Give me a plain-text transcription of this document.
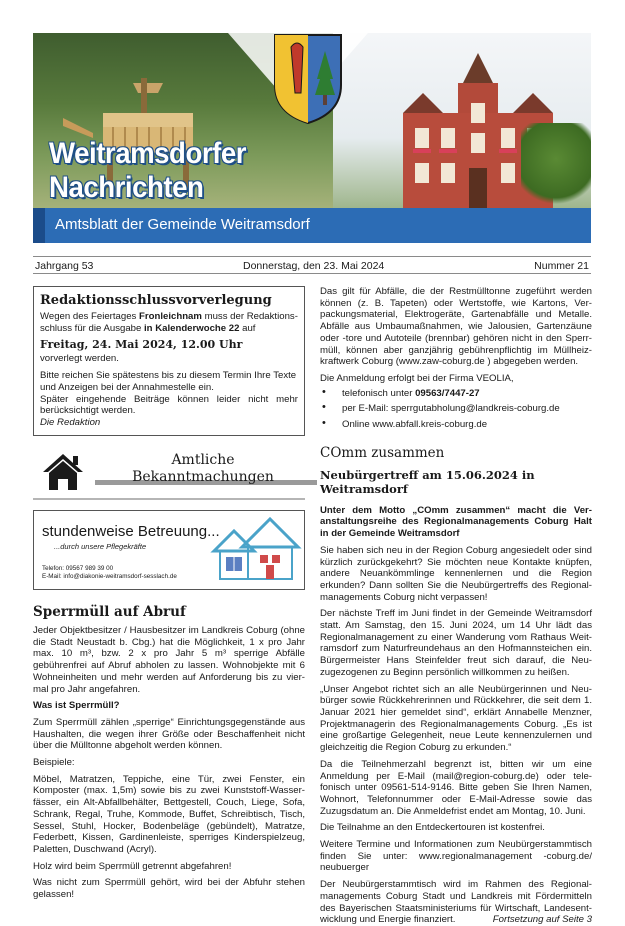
Weitramsdorfer
Nachrichten
Amtsblatt der Gemeinde Weitramsdorf
Jahrgang 53	Donnerstag, den 23. Mai 2024	Nummer 21
Redaktionsschlussvorverlegung

Wegen des Feiertages Fronleichnam muss der Redaktionsschluss für die Ausgabe in Kalenderwoche 22 auf

Freitag, 24. Mai 2024, 12.00 Uhr

vorverlegt werden.

Bitte reichen Sie spätestens bis zu diesem Termin Ihre Texte und Anzeigen bei der Annahmestelle ein.

Später eingehende Beiträge können leider nicht mehr berücksichtigt werden.

Die Redaktion

Amtliche
Bekanntmachungen
stundenweise Betreuung...
...durch unsere Pflegekräfte
Telefon: 09567 989 39 00
E-Mail: info@diakonie-weitramsdorf-sesslach.de
Sperrmüll auf Abruf

Jeder Objektbesitzer / Hausbesitzer im Landkreis Coburg (ohne die Stadt Neustadt b. Cbg.) hat die Möglichkeit, 1 x pro Jahr max. 10 m³, bzw. 2 x pro Jahr 5 m³ sperrige Abfälle gebührenfrei auf Abruf abholen zu lassen. Wohnobjekte mit 6 Wohneinheiten und mehr werden auf Anforderung bis zu viermal pro Jahr angefahren.

Was ist Sperrmüll?

Zum Sperrmüll zählen „sperrige“ Einrichtungsgegenstände aus Haushalten, die wegen ihrer Größe oder Beschaffenheit nicht über die Mülltonne abgeholt werden können.

Beispiele:

Möbel, Matratzen, Teppiche, eine Tür, zwei Fenster, ein Komposter (max. 1,5m) sowie bis zu zwei Kunststoff-Wasserfässer, ein Alt-Abfallbehälter, Bettgestell, Couch, Liege, Sofa, Schrank, Regal, Truhe, Kommode, Buffet, Schreibtisch, Tisch, Sessel, Stuhl, Hocker, Bodenbeläge (gebündelt), Matratze, Federbett, Kissen, Gardinenleiste, sperriges Kinderspielzeug, Paletten, Duschwand (Acryl).

Holz wird beim Sperrmüll getrennt abgefahren!

Was nicht zum Sperrmüll gehört, wird bei der Abfuhr stehen gelassen!

Das gilt für Abfälle, die der Restmülltonne zugeführt werden können (z. B. Tapeten) oder Wertstoffe, wie Kartons, Verpackungsmaterial, Elektrogeräte, Gartenabfälle und Metalle. Abfälle aus Umbaumaßnahmen, wie Jalousien, Gartenzäune oder -tore und Autoteile (brennbar) gehören nicht in den Sperrmüll, können aber ganzjährig gebührenpflichtig im Müllheizkraftwerk Coburg (www.zaw-coburg.de ) abgegeben werden.

Die Anmeldung erfolgt bei der Firma VEOLIA,

• telefonisch unter 09563/7447-27
• per E-Mail: sperrgutabholung@landkreis-coburg.de
• Online www.abfall.kreis-coburg.de
COmm zusammen
Neubürgertreff am 15.06.2024 in Weitramsdorf

Unter dem Motto „COmm zusammen“ macht die Veranstaltungsreihe des Regionalmanagements Coburg Halt in der Gemeinde Weitramsdorf

Sie haben sich neu in der Region Coburg angesiedelt oder sind kürzlich zurückgekehrt? Sie möchten neue Kontakte knüpfen, andere Neuankömmlinge kennenlernen und die Region erkunden? Dann sollten Sie die Neubürgertreffs des Regionalmanagements Coburg nicht verpassen!

Der nächste Treff im Juni findet in der Gemeinde Weitramsdorf statt. Am Samstag, den 15. Juni 2024, um 14 Uhr lädt das Regionalmanagement zu einer Wanderung vom Rathaus Weitramsdorf zum Naturfreundehaus an den Hofmannsteichen ein. Bürgermeister Hans Steinfelder freut sich darauf, die Neuzugezogenen zu Beginn persönlich willkommen zu heißen.

„Unser Angebot richtet sich an alle Neubürgerinnen und Neubürger sowie Rückkehrerinnen und Rückkehrer, die seit dem 1. Januar 2021 hier gemeldet sind“, erklärt Annabelle Menzner, Projektmanagerin des Regionalmanagements Coburg. „Es ist eine großartige Gelegenheit, neue Leute kennenzulernen und gleichzeitig die Region Coburg zu erkunden.“

Da die Teilnehmerzahl begrenzt ist, bitten wir um eine Anmeldung per E-Mail (mail@region-coburg.de) oder telefonisch unter 09561-514-9146. Bitte geben Sie Ihren Namen, Wohnort, Telefonnummer oder E-Mail-Adresse sowie das Zuzugsdatum an. Die Anmeldefrist endet am Montag, 10. Juni.

Die Teilnahme an den Entdeckertouren ist kostenfrei.

Weitere Termine und Informationen zum Neubürgerstammtisch finden Sie unter: www.regionalmanagement -coburg.de/ neubuerger

Der Neubürgerstammtisch wird im Rahmen des Regionalmanagements Coburg Stadt und Landkreis mit Fördermitteln des Bayerischen Staatsministeriums für Wirtschaft, Landesentwicklung und Energie finanziert.	Fortsetzung auf Seite 3
